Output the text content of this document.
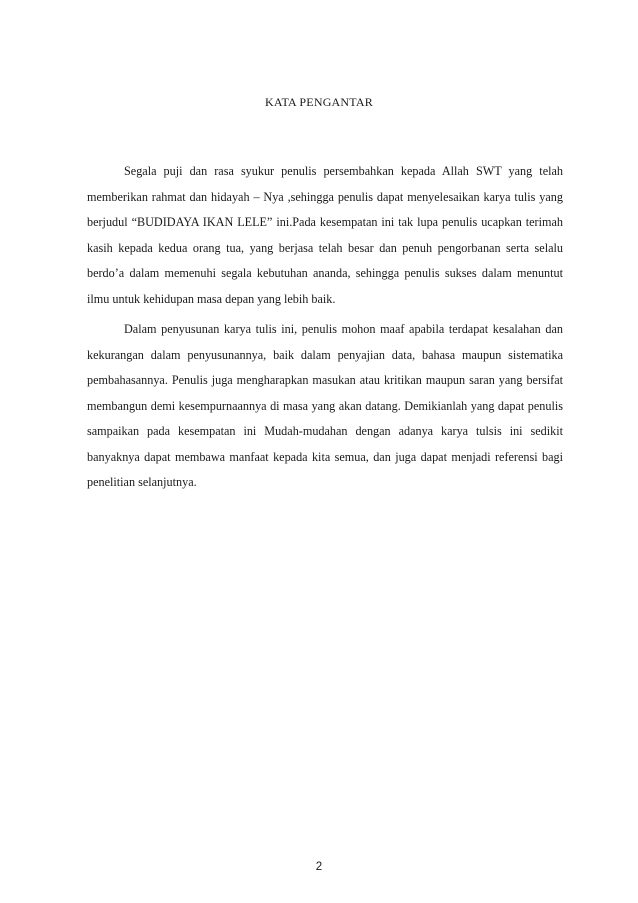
KATA PENGANTAR

Segala puji dan rasa syukur penulis persembahkan kepada Allah SWT yang telah memberikan rahmat dan hidayah – Nya ,sehingga penulis dapat menyelesaikan karya tulis yang berjudul “BUDIDAYA IKAN LELE” ini.Pada kesempatan ini tak lupa penulis ucapkan terimah kasih kepada kedua orang tua, yang berjasa telah besar dan penuh pengorbanan serta selalu berdo’a dalam memenuhi segala kebutuhan ananda, sehingga penulis sukses dalam menuntut ilmu untuk kehidupan masa depan yang lebih baik.

Dalam penyusunan karya tulis ini, penulis mohon maaf apabila terdapat kesalahan dan kekurangan dalam penyusunannya, baik dalam penyajian data, bahasa maupun sistematika pembahasannya. Penulis juga mengharapkan masukan atau kritikan maupun saran yang bersifat membangun demi kesempurnaannya di masa yang akan datang. Demikianlah yang dapat penulis sampaikan pada kesempatan ini Mudah-mudahan dengan adanya karya tulsis ini sedikit banyaknya dapat membawa manfaat kepada kita semua, dan juga dapat menjadi referensi bagi penelitian selanjutnya.

2
